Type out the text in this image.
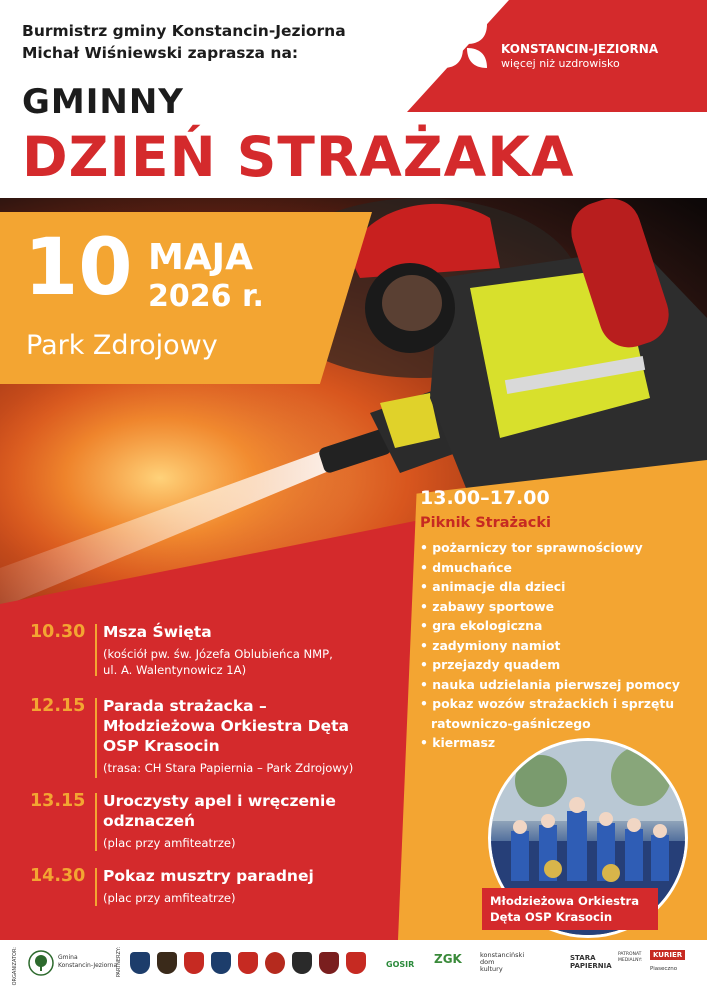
Burmistrz gminy Konstancin-Jeziorna
Michał Wiśniewski zaprasza na:	KONSTANCIN-JEZIORNA
więcej niż uzdrowisko
GMINNY
DZIEŃ STRAŻAKA
10 MAJA
2026 r.
Park Zdrojowy
10.30 Msza Święta
(kościół pw. św. Józefa Oblubieńca NMP,
ul. A. Walentynowicz 1A)
12.15 Parada strażacka –
Młodzieżowa Orkiestra Dęta
OSP Krasocin
(trasa: CH Stara Papiernia – Park Zdrojowy)
13.15 Uroczysty apel i wręczenie
odznaczeń
(plac przy amfiteatrze)
14.30 Pokaz musztry paradnej
(plac przy amfiteatrze)
13.00–17.00
Piknik Strażacki
• pożarniczy tor sprawnościowy
• dmuchańce
• animacje dla dzieci
• zabawy sportowe
• gra ekologiczna
• zadymiony namiot
• przejazdy quadem
• nauka udzielania pierwszej pomocy
• pokaz wozów strażackich i sprzętu
ratowniczo-gaśniczego
• kiermasz
Młodzieżowa Orkiestra
Dęta OSP Krasocin
ORGANIZATOR:	Gmina
Konstancin-Jeziorna
PARTNERZY:	GOSIR ZGK	konstanciński
dom
kultury
STARA
PAPIERNIA
PATRONAT
MEDIALNY:
KURIER
Piaseczno
